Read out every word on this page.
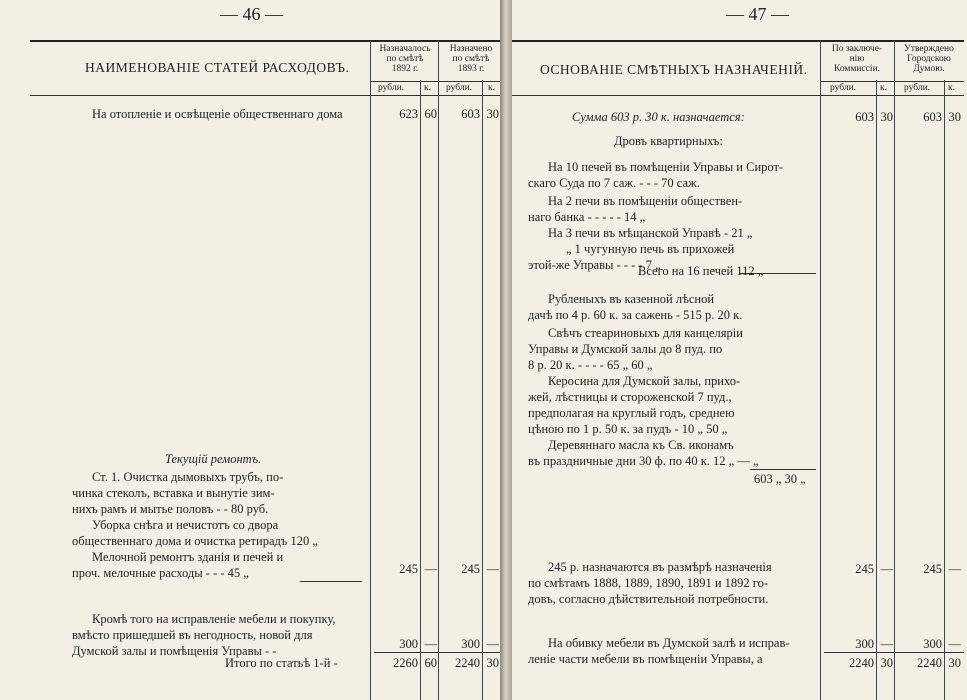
— 46 —
НАИМЕНОВАНІЕ СТАТЕЙ РАСХОДОВЪ.
Назначалось
по смѣтѣ
1892 г.
Назначено
по смѣтѣ
1893 г.
рубли. к. рубли. к.
На отопленіе и освѣщеніе общественнаго дома	623 60	603 30
Текущій ремонтъ.
Ст. 1. Очистка дымовыхъ трубъ, по-
чинка стеколъ, вставка и вынутіе зим-
нихъ рамъ и мытье половъ - - 80 руб.
Уборка снѣга и нечистотъ со двора
общественнаго дома и очистка ретирадъ 120 „
Мелочной ремонтъ зданія и печей и
проч. мелочные расходы - - - 45 „	245 —	245 —
Кромѣ того на исправленіе мебели и покупку,
вмѣсто пришедшей въ негодность, новой для
Думской залы и помѣщенія Управы - -	300 —	300 —
Итого по статьѣ 1-й -	2260 60	2240 30
— 47 —
ОСНОВАНІЕ СМѢТНЫХЪ НАЗНАЧЕНІЙ.
По заключе-
нію
Коммиссіи.
Утверждено
Городскою
Думою.
рубли.	к. рубли. к.
Сумма 603 р. 30 к. назначается:	603 30	603 30
Дровъ квартирныхъ:
На 10 печей въ помѣщеніи Управы и Сирот-
скаго Суда по 7 саж. - - - 70 саж.
На 2 печи въ помѣщеніи обществен-
наго банка - - - - - 14 „
На 3 печи въ мѣщанской Управѣ - 21 „
„ 1 чугунную печь въ прихожей
этой-же Управы - - - - 7 „
Всего на 16 печей 112 „
Рубленыхъ въ казенной лѣсной
дачѣ по 4 р. 60 к. за сажень - 515 р. 20 к.
Свѣчъ стеариновыхъ для канцеляріи
Управы и Думской залы до 8 пуд. по
8 р. 20 к. - - - - 65 „ 60 „
Керосина для Думской залы, прихо-
жей, лѣстницы и стороженской 7 пуд.,
предполагая на круглый годъ, среднею
цѣною по 1 р. 50 к. за пудъ - 10 „ 50 „
Деревяннаго масла къ Св. иконамъ
въ праздничные дни 30 ф. по 40 к. 12 „ — „
603 „ 30 „
245 р. назначаются въ размѣрѣ назначенія
по смѣтамъ 1888, 1889, 1890, 1891 и 1892 го-
довъ, согласно дѣйствительной потребности.
245 —	245 —
На обивку мебели въ Думской залѣ и исправ-
леніе части мебели въ помѣщеніи Управы, а
300 —	300 —
2240 30	2240 30
